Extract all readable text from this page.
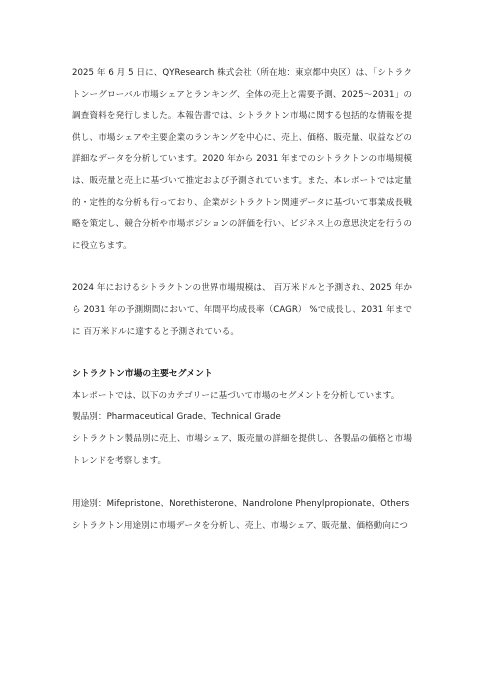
2025 年 6 月 5 日に、QYResearch 株式会社（所在地：東京都中央区）は、「シトラクトンーグローバル市場シェアとランキング、全体の売上と需要予測、2025～2031」の調査資料を発行しました。本報告書では、シトラクトン市場に関する包括的な情報を提供し、市場シェアや主要企業のランキングを中心に、売上、価格、販売量、収益などの詳細なデータを分析しています。2020 年から 2031 年までのシトラクトンの市場規模は、販売量と売上に基づいて推定および予測されています。また、本レポートでは定量的・定性的な分析も行っており、企業がシトラクトン関連データに基づいて事業成長戦略を策定し、競合分析や市場ポジションの評価を行い、ビジネス上の意思決定を行うのに役立ちます。

2024 年におけるシトラクトンの世界市場規模は、 百万米ドルと予測され、2025 年から 2031 年の予測期間において、年間平均成長率（CAGR） %で成長し、2031 年までに 百万米ドルに達すると予測されている。

シトラクトン市場の主要セグメント

本レポートでは、以下のカテゴリーに基づいて市場のセグメントを分析しています。

製品別：Pharmaceutical Grade、Technical Grade

シトラクトン製品別に売上、市場シェア、販売量の詳細を提供し、各製品の価格と市場トレンドを考察します。

用途別：Mifepristone、Norethisterone、Nandrolone Phenylpropionate、Others

シトラクトン用途別に市場データを分析し、売上、市場シェア、販売量、価格動向につ
